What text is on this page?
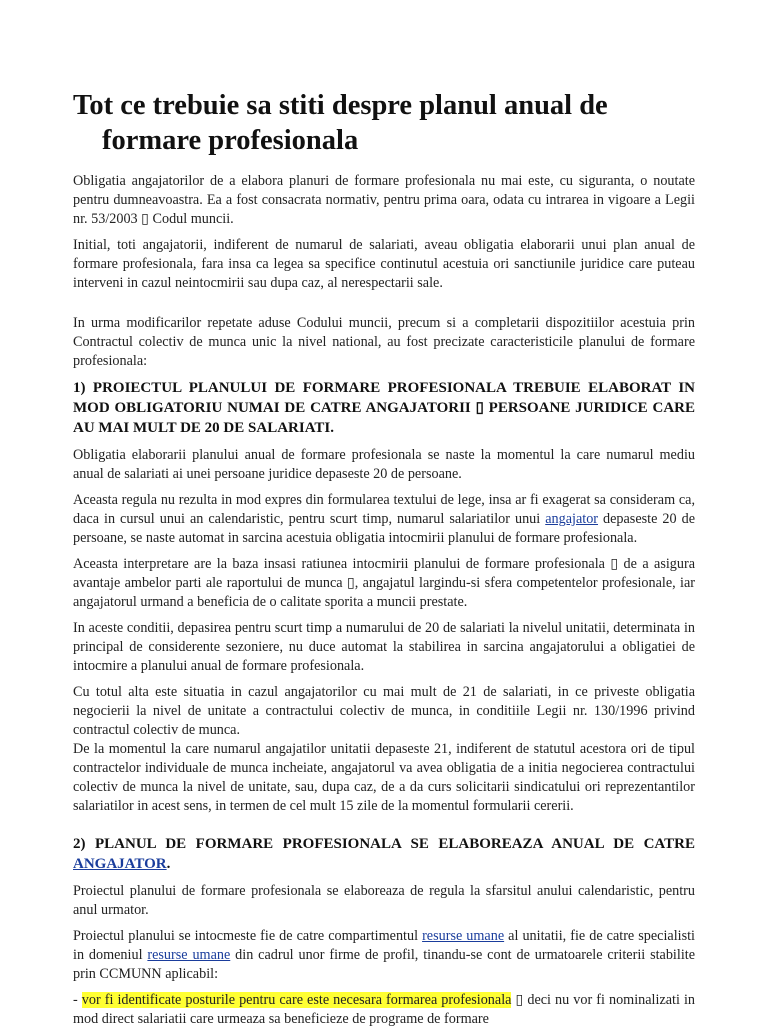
Tot ce trebuie sa stiti despre planul anual de formare profesionala

Obligatia angajatorilor de a elabora planuri de formare profesionala nu mai este, cu siguranta, o noutate pentru dumneavoastra. Ea a fost consacrata normativ, pentru prima oara, odata cu intrarea in vigoare a Legii nr. 53/2003 ▯ Codul muncii.

Initial, toti angajatorii, indiferent de numarul de salariati, aveau obligatia elaborarii unui plan anual de formare profesionala, fara insa ca legea sa specifice continutul acestuia ori sanctiunile juridice care puteau interveni in cazul neintocmirii sau dupa caz, al nerespectarii sale.

In urma modificarilor repetate aduse Codului muncii, precum si a completarii dispozitiilor acestuia prin Contractul colectiv de munca unic la nivel national, au fost precizate caracteristicile planului de formare profesionala:

1) PROIECTUL PLANULUI DE FORMARE PROFESIONALA TREBUIE ELABORAT IN MOD OBLIGATORIU NUMAI DE CATRE ANGAJATORII ▯ PERSOANE JURIDICE CARE AU MAI MULT DE 20 DE SALARIATI.

Obligatia elaborarii planului anual de formare profesionala se naste la momentul la care numarul mediu anual de salariati ai unei persoane juridice depaseste 20 de persoane.

Aceasta regula nu rezulta in mod expres din formularea textului de lege, insa ar fi exagerat sa consideram ca, daca in cursul unui an calendaristic, pentru scurt timp, numarul salariatilor unui angajator depaseste 20 de persoane, se naste automat in sarcina acestuia obligatia intocmirii planului de formare profesionala.

Aceasta interpretare are la baza insasi ratiunea intocmirii planului de formare profesionala ▯ de a asigura avantaje ambelor parti ale raportului de munca ▯, angajatul largindu-si sfera competentelor profesionale, iar angajatorul urmand a beneficia de o calitate sporita a muncii prestate.

In aceste conditii, depasirea pentru scurt timp a numarului de 20 de salariati la nivelul unitatii, determinata in principal de considerente sezoniere, nu duce automat la stabilirea in sarcina angajatorului a obligatiei de intocmire a planului anual de formare profesionala.

Cu totul alta este situatia in cazul angajatorilor cu mai mult de 21 de salariati, in ce priveste obligatia negocierii la nivel de unitate a contractului colectiv de munca, in conditiile Legii nr. 130/1996 privind contractul colectiv de munca.
De la momentul la care numarul angajatilor unitatii depaseste 21, indiferent de statutul acestora ori de tipul contractelor individuale de munca incheiate, angajatorul va avea obligatia de a initia negocierea contractului colectiv de munca la nivel de unitate, sau, dupa caz, de a da curs solicitarii sindicatului ori reprezentantilor salariatilor in acest sens, in termen de cel mult 15 zile de la momentul formularii cererii.

2) PLANUL DE FORMARE PROFESIONALA SE ELABOREAZA ANUAL DE CATRE ANGAJATOR.

Proiectul planului de formare profesionala se elaboreaza de regula la sfarsitul anului calendaristic, pentru anul urmator.

Proiectul planului se intocmeste fie de catre compartimentul resurse umane al unitatii, fie de catre specialisti in domeniul resurse umane din cadrul unor firme de profil, tinandu-se cont de urmatoarele criterii stabilite prin CCMUNN aplicabil:

- vor fi identificate posturile pentru care este necesara formarea profesionala ▯ deci nu vor fi nominalizati in mod direct salariatii care urmeaza sa beneficieze de programe de formare
